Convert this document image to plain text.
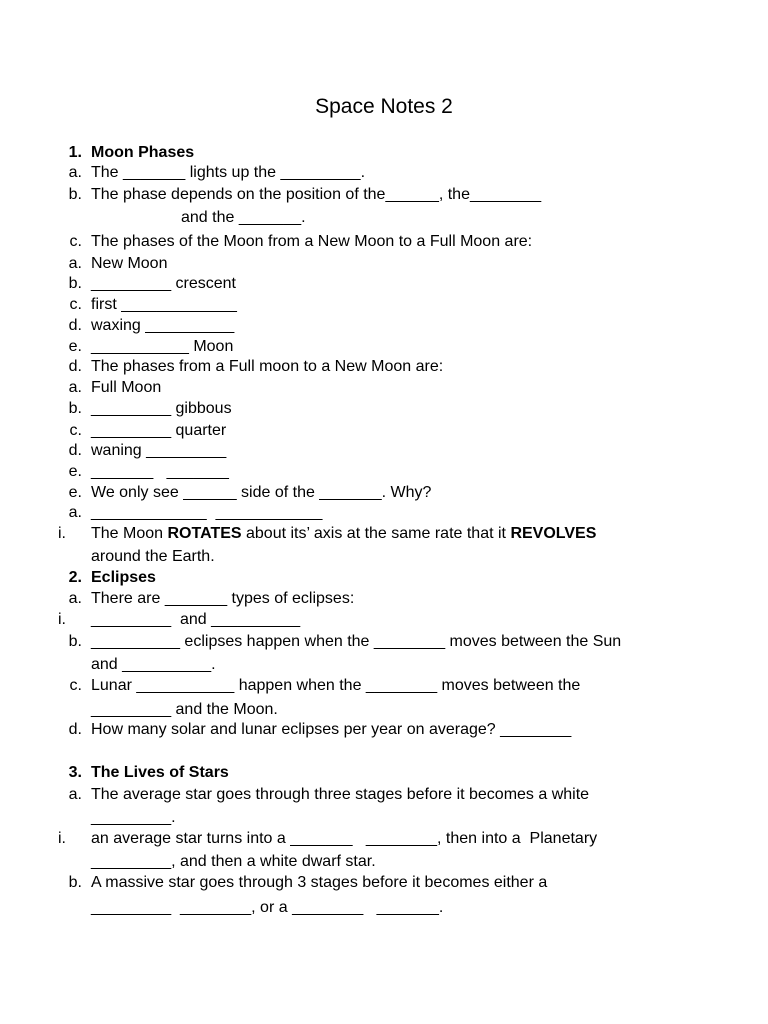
Space Notes 2
1. Moon Phases
a. The _______ lights up the _________.
b. The phase depends on the position of the______, the________
and the _______.
c. The phases of the Moon from a New Moon to a Full Moon are:
a. New Moon
b. _________ crescent
c. first _____________
d. waxing __________
e. ___________ Moon
d. The phases from a Full moon to a New Moon are:
a. Full Moon
b. _________ gibbous
c. _________ quarter
d. waning _________
e. _______   _______
e. We only see ______ side of the _______. Why?
a. _____________  ____________
i.	The Moon ROTATES about its’ axis at the same rate that it REVOLVES
around the Earth.
2. Eclipses
a. There are _______ types of eclipses:
i.	_________  and __________
b. __________ eclipses happen when the ________ moves between the Sun
and __________.
c. Lunar ___________ happen when the ________ moves between the
_________ and the Moon.
d. How many solar and lunar eclipses per year on average? ________
3. The Lives of Stars
a. The average star goes through three stages before it becomes a white
_________.
i.	an average star turns into a _______   ________, then into a  Planetary
_________, and then a white dwarf star.
b. A massive star goes through 3 stages before it becomes either a
_________  ________, or a ________   _______.
